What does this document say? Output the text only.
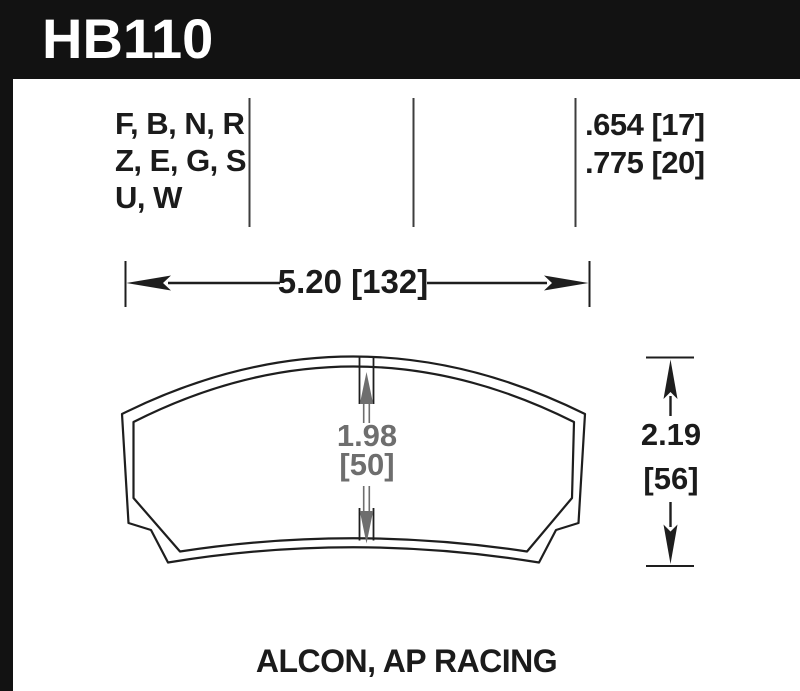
HB110
F, B, N, R
Z, E, G, S
U, W
.654 [17]
.775 [20]
5.20 [132]
1.98
[50]
2.19
[56]
ALCON, AP RACING
